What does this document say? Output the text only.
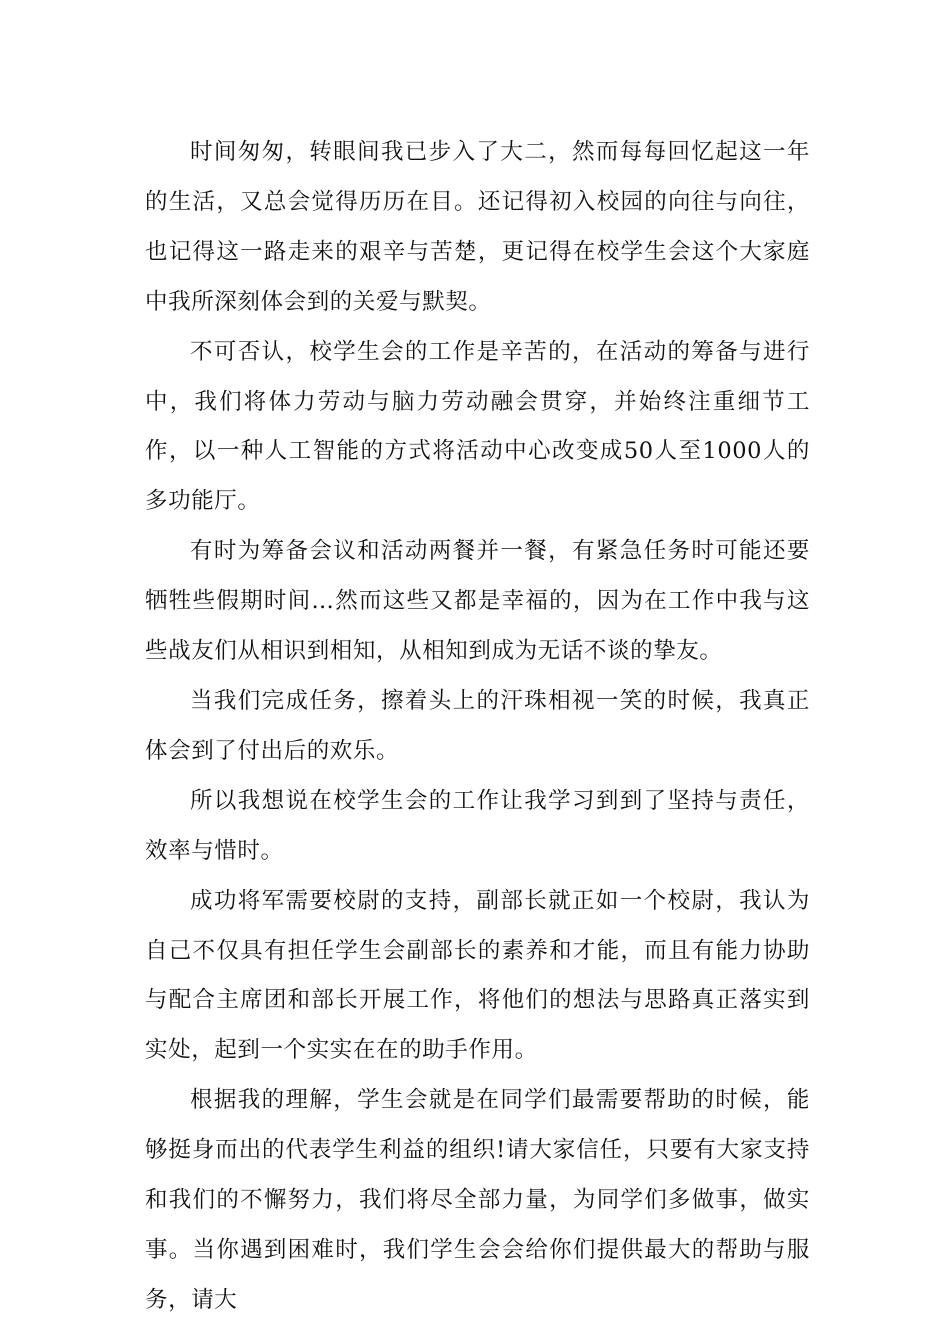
时间匆匆，转眼间我已步入了大二，然而每每回忆起这一年的生活，又总会觉得历历在目。还记得初入校园的向往与向往，也记得这一路走来的艰辛与苦楚，更记得在校学生会这个大家庭中我所深刻体会到的关爱与默契。

不可否认，校学生会的工作是辛苦的，在活动的筹备与进行中，我们将体力劳动与脑力劳动融会贯穿，并始终注重细节工作，以一种人工智能的方式将活动中心改变成50人至1000人的多功能厅。

有时为筹备会议和活动两餐并一餐，有紧急任务时可能还要牺牲些假期时间…然而这些又都是幸福的，因为在工作中我与这些战友们从相识到相知，从相知到成为无话不谈的挚友。

当我们完成任务，擦着头上的汗珠相视一笑的时候，我真正体会到了付出后的欢乐。

所以我想说在校学生会的工作让我学习到到了坚持与责任，效率与惜时。

成功将军需要校尉的支持，副部长就正如一个校尉，我认为自己不仅具有担任学生会副部长的素养和才能，而且有能力协助与配合主席团和部长开展工作，将他们的想法与思路真正落实到实处，起到一个实实在在的助手作用。

根据我的理解，学生会就是在同学们最需要帮助的时候，能够挺身而出的代表学生利益的组织!请大家信任，只要有大家支持和我们的不懈努力，我们将尽全部力量，为同学们多做事，做实事。当你遇到困难时，我们学生会会给你们提供最大的帮助与服务，请大
